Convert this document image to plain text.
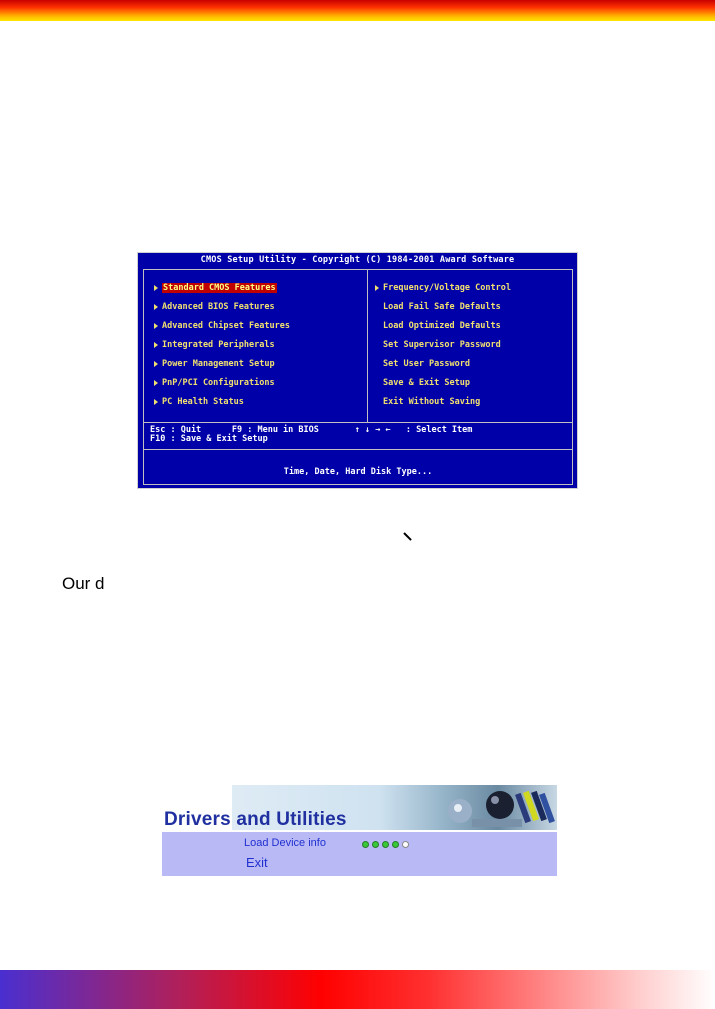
CMOS Setup Utility - Copyright (C) 1984-2001 Award Software
Standard CMOS Features
Advanced BIOS Features
Advanced Chipset Features
Integrated Peripherals
Power Management Setup
PnP/PCI Configurations
PC Health Status
Frequency/Voltage Control
Load Fail Safe Defaults
Load Optimized Defaults
Set Supervisor Password
Set User Password
Save & Exit Setup
Exit Without Saving
Esc : Quit      F9 : Menu in BIOS       ↑ ↓ → ←   : Select Item
F10 : Save & Exit Setup
Time, Date, Hard Disk Type...
Our d
Drivers and Utilities
Load Device info
Exit
